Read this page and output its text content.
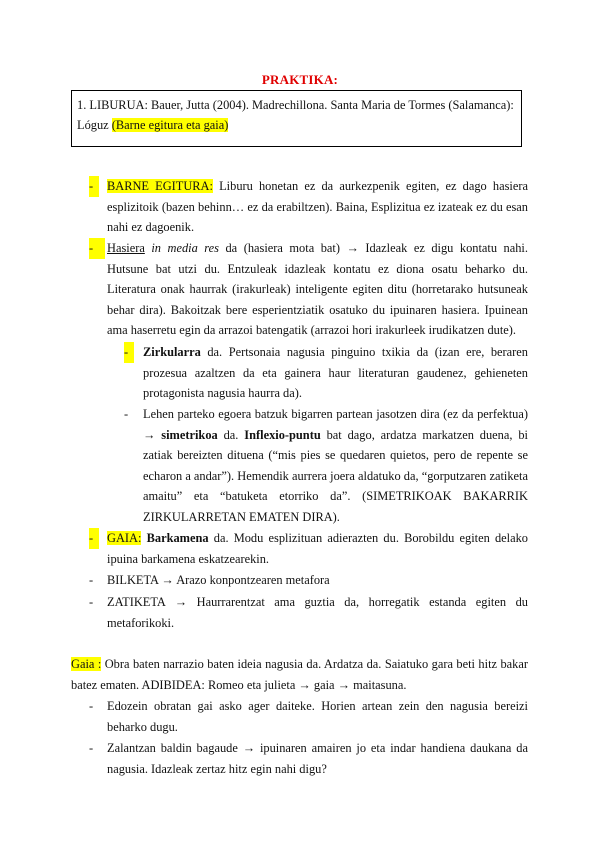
PRAKTIKA:
1. LIBURUA: Bauer, Jutta (2004). Madrechillona. Santa Maria de Tormes (Salamanca): Lóguz (Barne egitura eta gaia)
-	BARNE EGITURA: Liburu honetan ez da aurkezpenik egiten, ez dago hasiera esplizitoik (bazen behinn… ez da erabiltzen). Baina, Esplizitua ez izateak ez du esan nahi ez dagoenik.
-	Hasiera in media res da (hasiera mota bat) → Idazleak ez digu kontatu nahi. Hutsune bat utzi du. Entzuleak idazleak kontatu ez diona osatu beharko du. Literatura onak haurrak (irakurleak) inteligente egiten ditu (horretarako hutsuneak behar dira). Bakoitzak bere esperientziatik osatuko du ipuinaren hasiera. Ipuinean ama haserretu egin da arrazoi batengatik (arrazoi hori irakurleek irudikatzen dute).
-	Zirkularra da. Pertsonaia nagusia pinguino txikia da (izan ere, beraren prozesua azaltzen da eta gainera haur literaturan gaudenez, gehieneten protagonista nagusia haurra da).
- Lehen parteko egoera batzuk bigarren partean jasotzen dira (ez da perfektua) → simetrikoa da. Inflexio-puntu bat dago, ardatza markatzen duena, bi zatiak bereizten dituena (“mis pies se quedaren quietos, pero de repente se echaron a andar”). Hemendik aurrera joera aldatuko da, “gorputzaren zatiketa amaitu” eta “batuketa etorriko da”. (SIMETRIKOAK BAKARRIK ZIRKULARRETAN EMATEN DIRA).
-	GAIA: Barkamena da. Modu esplizituan adierazten du. Borobildu egiten delako ipuina barkamena eskatzearekin.
- BILKETA → Arazo konpontzearen metafora
- ZATIKETA → Haurrarentzat ama guztia da, horregatik estanda egiten du metaforikoki.
Gaia : Obra baten narrazio baten ideia nagusia da. Ardatza da. Saiatuko gara beti hitz bakar batez ematen. ADIBIDEA: Romeo eta julieta → gaia → maitasuna.
- Edozein obratan gai asko ager daiteke. Horien artean zein den nagusia bereizi beharko dugu.
- Zalantzan baldin bagaude → ipuinaren amairen jo eta indar handiena daukana da nagusia. Idazleak zertaz hitz egin nahi digu?
